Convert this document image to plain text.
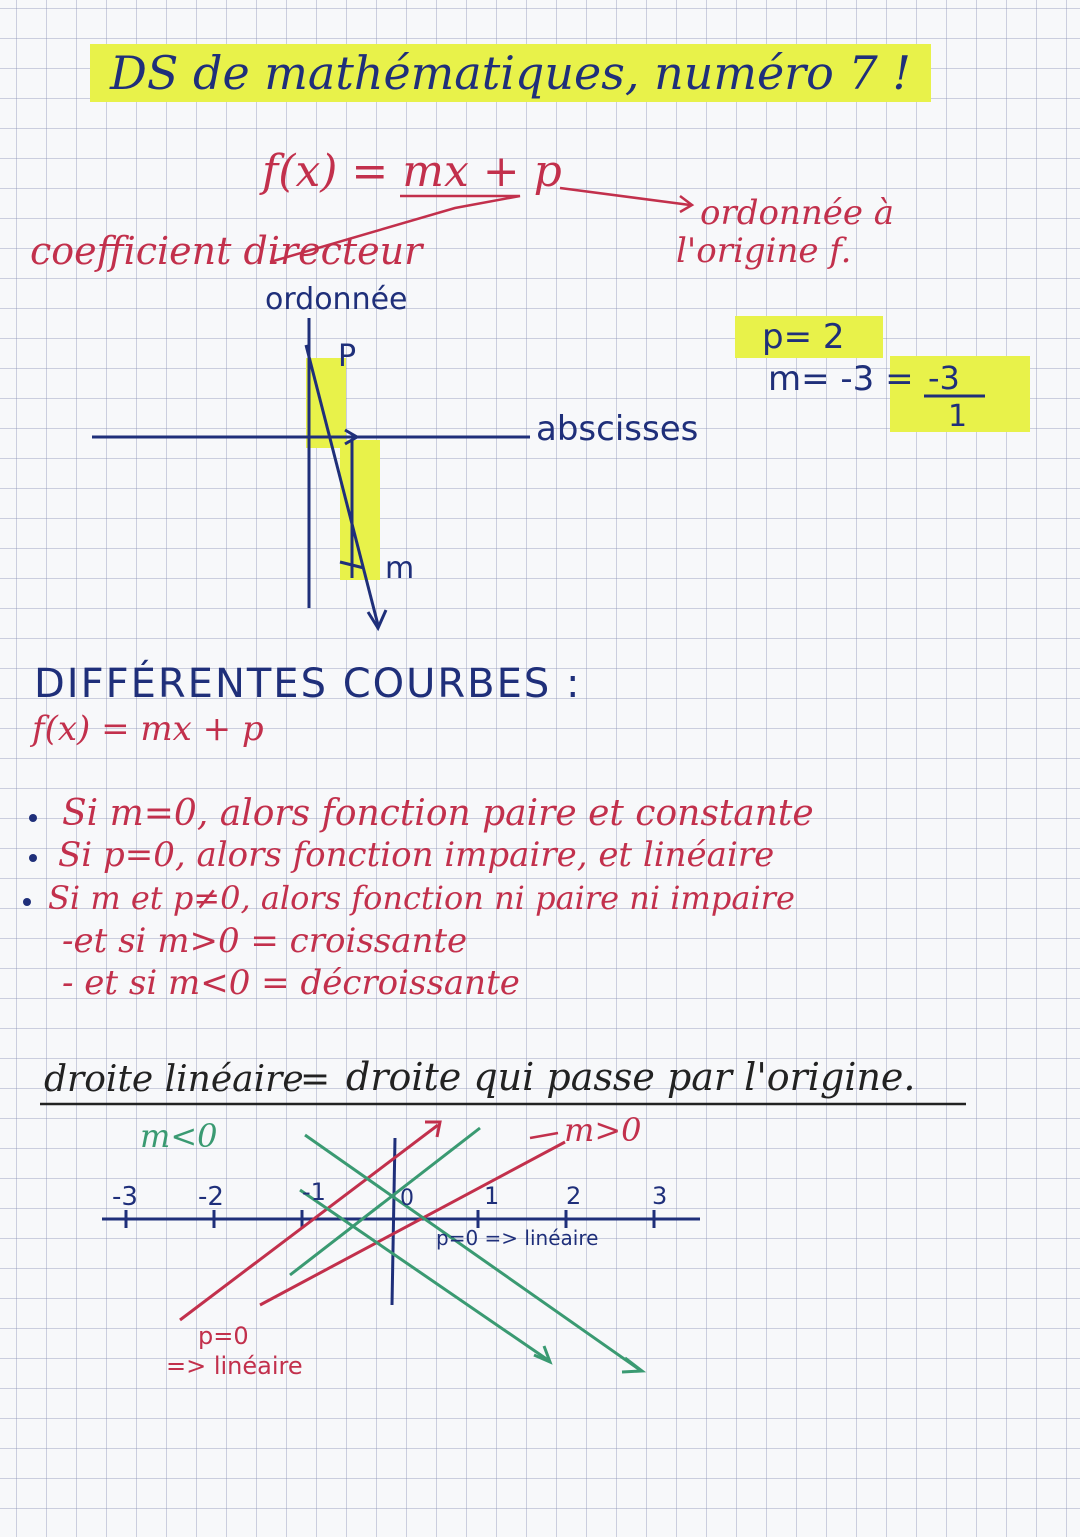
DS de mathématiques, numéro 7 !
f(x) = mx + p
coefficient directeur
ordonnée à
l'origine f.
ordonnée
abscisses
P
m
p= 2
m= -3 = -3
1
DIFFÉRENTES COURBES :
f(x) = mx + p
Si m=0, alors fonction paire et constante
Si p=0, alors fonction impaire, et linéaire
Si m et p≠0, alors fonction ni paire ni impaire
-et si m>0 = croissante
- et si m<0 = décroissante
droite linéaire
= droite qui passe par l'origine.
m<0	m>0
-3 -2	-1	0	1	2	3
p=0 => linéaire
p=0
=> linéaire
